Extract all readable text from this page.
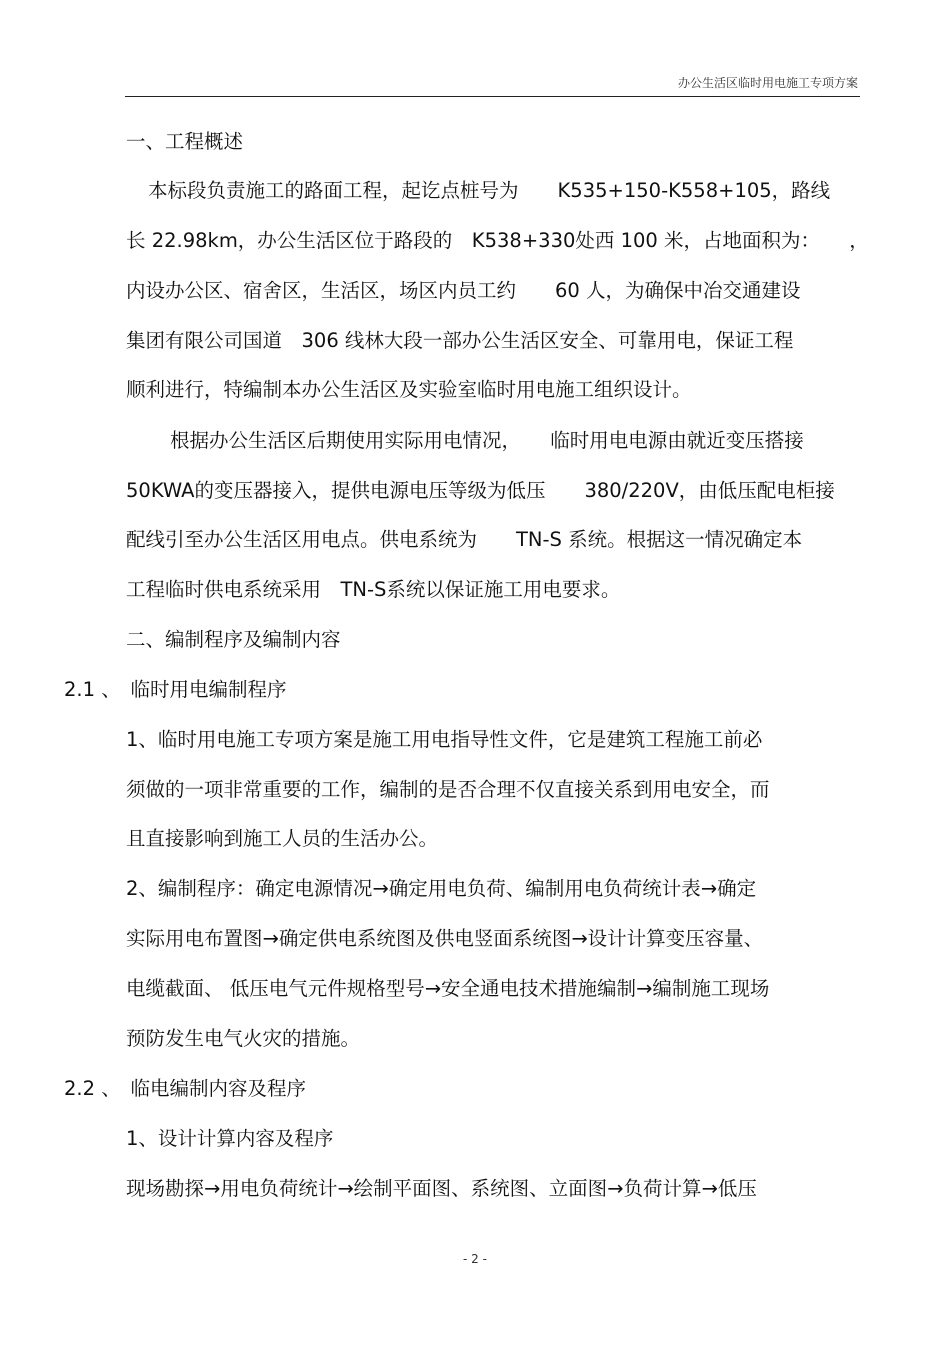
办公生活区临时用电施工专项方案
一、工程概述
本标段负责施工的路面工程，起讫点桩号为　　K535+150-K558+105，路线
长 22.98km，办公生活区位于路段的　K538+330处西 100 米，占地面积为：　　，
内设办公区、宿舍区，生活区，场区内员工约　　60 人，为确保中冶交通建设
集团有限公司国道　306 线林大段一部办公生活区安全、可靠用电，保证工程
顺利进行，特编制本办公生活区及实验室临时用电施工组织设计。
根据办公生活区后期使用实际用电情况，　　临时用电电源由就近变压搭接
50KWA的变压器接入，提供电源电压等级为低压　　380/220V，由低压配电柜接
配线引至办公生活区用电点。供电系统为　　TN-S 系统。根据这一情况确定本
工程临时供电系统采用　TN-S系统以保证施工用电要求。
二、编制程序及编制内容
2.1 、　临时用电编制程序
1、临时用电施工专项方案是施工用电指导性文件，它是建筑工程施工前必
须做的一项非常重要的工作，编制的是否合理不仅直接关系到用电安全，而
且直接影响到施工人员的生活办公。
2、编制程序：确定电源情况→确定用电负荷、编制用电负荷统计表→确定
实际用电布置图→确定供电系统图及供电竖面系统图→设计计算变压容量、
电缆截面、 低压电气元件规格型号→安全通电技术措施编制→编制施工现场
预防发生电气火灾的措施。
2.2 、　临电编制内容及程序
1、设计计算内容及程序
现场勘探→用电负荷统计→绘制平面图、系统图、立面图→负荷计算→低压
- 2 -
